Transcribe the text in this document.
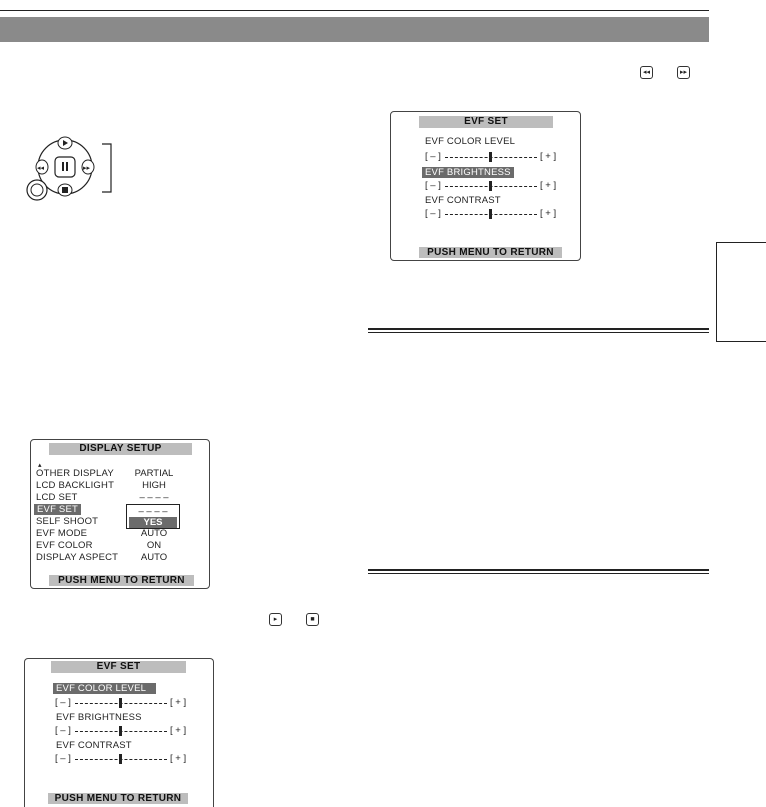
◂◂	▸▸
◂◂	▸▸
EVF SET
EVF COLOR LEVEL
[ – ]	[ + ]
EVF BRIGHTNESS
[ – ]	[ + ]
EVF CONTRAST
[ – ]	[ + ]
PUSH MENU TO RETURN
DISPLAY SETUP
▴
OTHER DISPLAY	PARTIAL
LCD BACKLIGHT	HIGH
LCD SET	– – – –
EVF SET	– – – –
YES
SELF SHOOT
EVF MODE	AUTO
EVF COLOR	ON
DISPLAY ASPECT	AUTO
PUSH MENU TO RETURN
▸	■
EVF SET
EVF COLOR LEVEL
[ – ]	[ + ]
EVF BRIGHTNESS
[ – ]	[ + ]
EVF CONTRAST
[ – ]	[ + ]
PUSH MENU TO RETURN
